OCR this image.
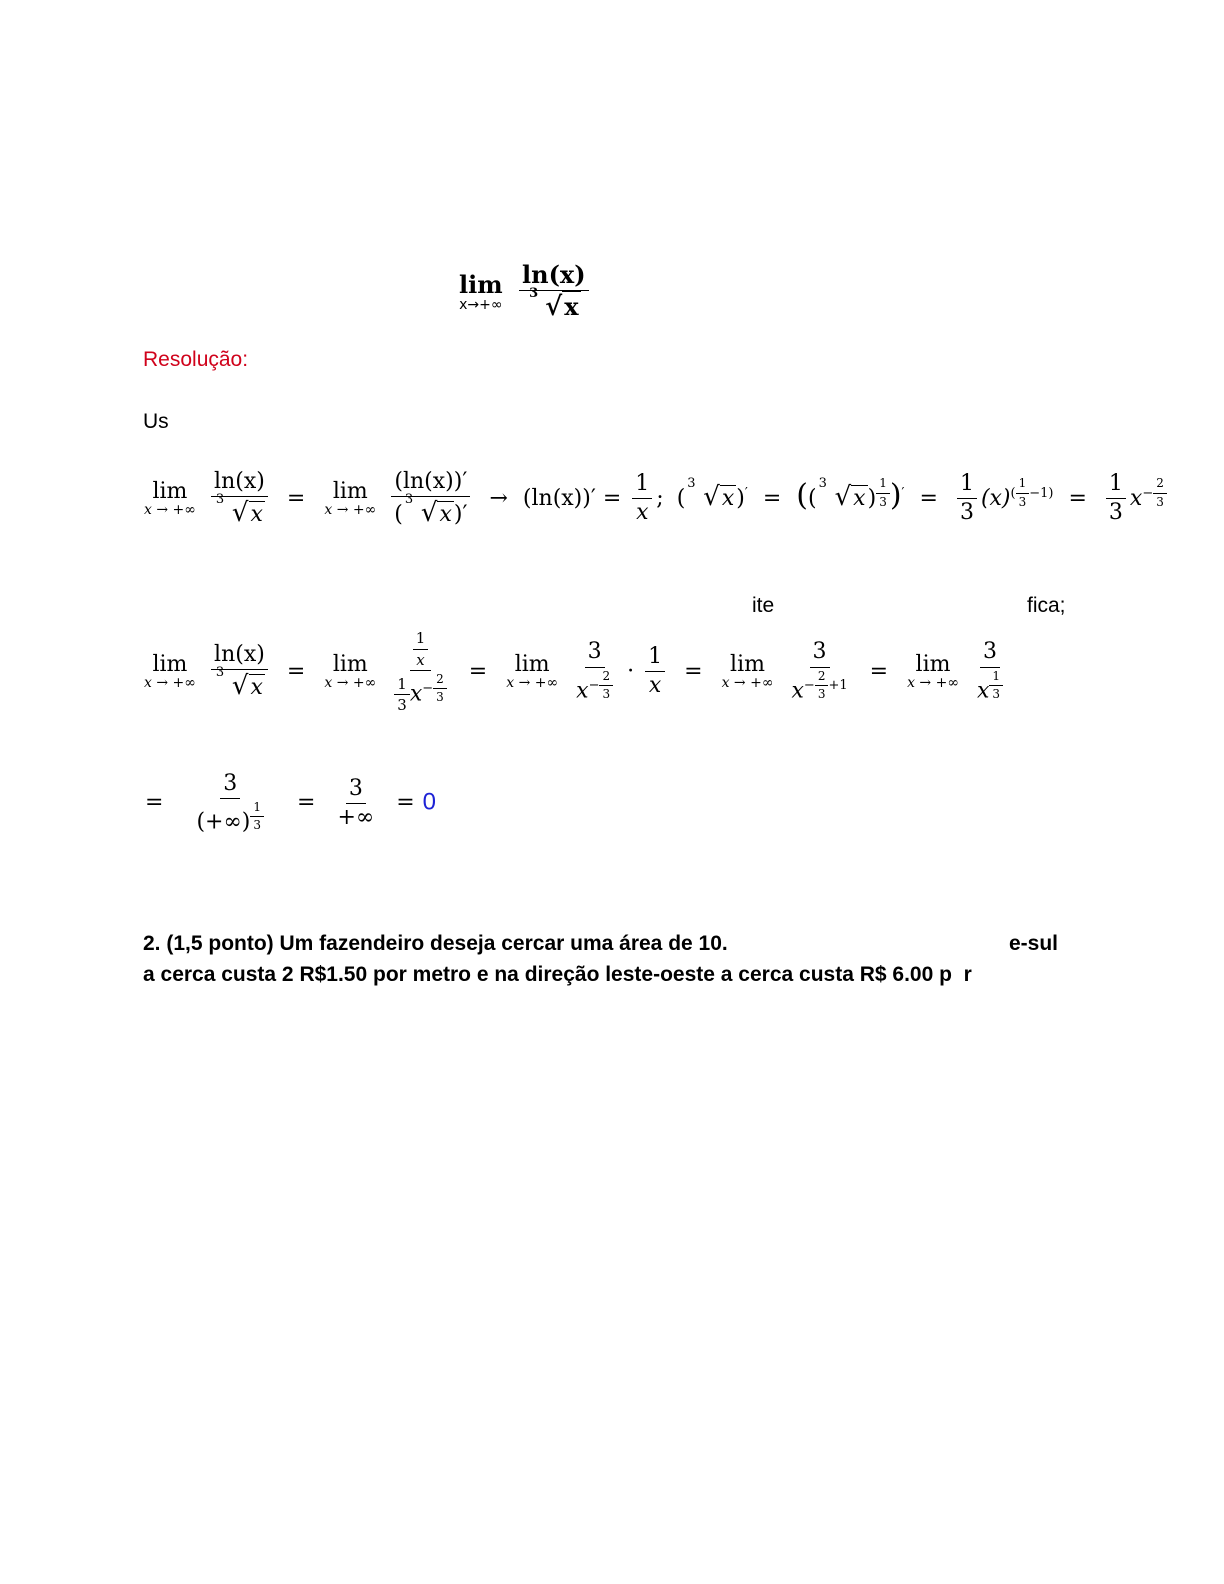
lim
x→+∞
$\frac{\ln(x)}{3 √x}$
Resolução:
Us
lim
x → +∞
$\frac{\ln(x)}{3 √x} = \lim$
x → +∞
(ln(x))′
(
3 $√x)' \to (\ln(x))' = \frac{1}{x}$ ; (
3 √x)′ = ((
3 √x) $^{\frac{1}{3}}$ )$' = \frac{1}{3} (x)^{( \frac{1}{3} -1)} = \frac{1}{3} x^{- \frac{2}{3}}$
ite	fica;
lim
x → +∞
$\frac{\ln(x)}{3 √x} = \lim$
x → +∞
$\frac{1}{x}$
$\frac{1}{3} x^{- \frac{2}{3}} = \lim$
x → +∞
3
$x^{- \frac{2}{3}} \cdot \frac{1}{x} = \lim$
x → +∞
3
$x^{- \frac{2}{3} +1} = \lim$
x → +∞
3
x $^{\frac{1}{3}}$
= 3
(+∞) $^{\frac{1}{3}} = \frac{3}{+\infty} = 0$
2. (1,5 ponto) Um fazendeiro deseja cercar uma área de 10.	e-sul
a cerca custa 2 R$1.50 por metro e na direção leste-oeste a cerca custa R$ 6.00 p  r
